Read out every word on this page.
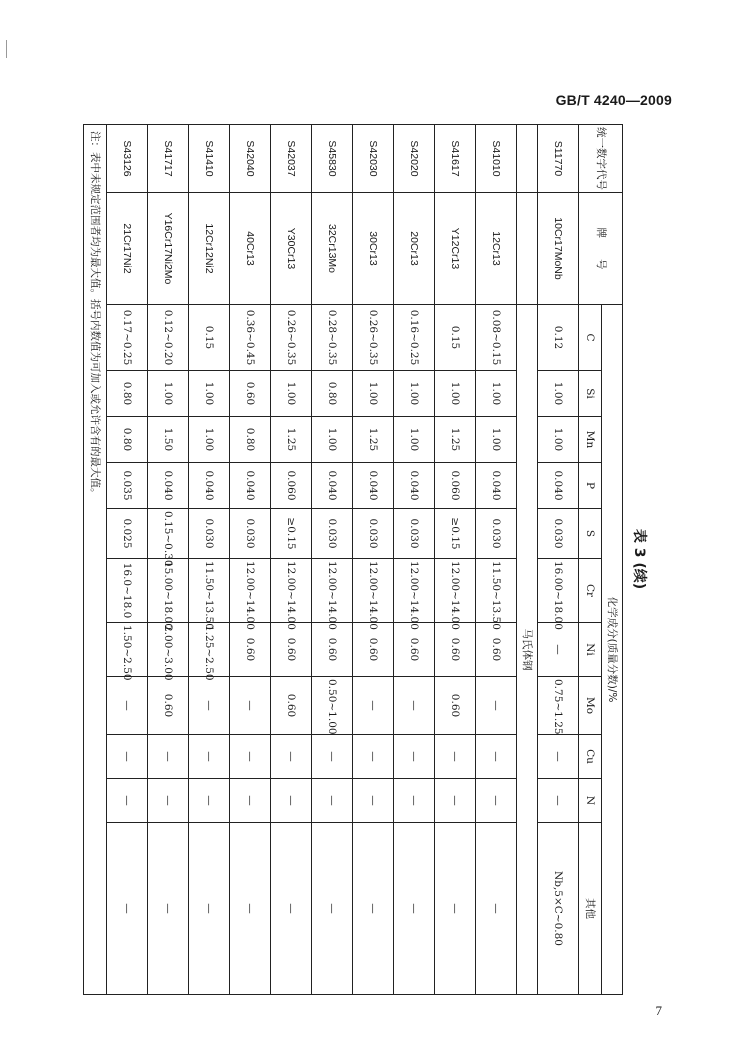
GB/T 4240—2009
表 3 (续)
统一数字代号	牌　　号	化学成分(质量分数)/%										
		C	Si	Mn	P	S	Cr	Ni	Mo	Cu	N	其他
S11770	10Cr17MoNb	0.12	1.00	1.00	0.040	0.030	16.00~18.00	—	0.75~1.25	—	—	Nb,5×C~0.80
		马氏体钢										
S41010	12Cr13	0.08~0.15	1.00	1.00	0.040	0.030	11.50~13.50	0.60	—	—	—	—
S41617	Y12Cr13	0.15	1.00	1.25	0.060	≥0.15	12.00~14.00	0.60	0.60	—	—	—
S42020	20Cr13	0.16~0.25	1.00	1.00	0.040	0.030	12.00~14.00	0.60	—	—	—	—
S42030	30Cr13	0.26~0.35	1.00	1.25	0.040	0.030	12.00~14.00	0.60	—	—	—	—
S45830	32Cr13Mo	0.28~0.35	0.80	1.00	0.040	0.030	12.00~14.00	0.60	0.50~1.00	—	—	—
S42037	Y30Cr13	0.26~0.35	1.00	1.25	0.060	≥0.15	12.00~14.00	0.60	0.60	—	—	—
S42040	40Cr13	0.36~0.45	0.60	0.80	0.040	0.030	12.00~14.00	0.60	—	—	—	—
S41410	12Cr12Ni2	0.15	1.00	1.00	0.040	0.030	11.50~13.50	1.25~2.50	—	—	—	—
S41717	Y16Cr17Ni2Mo	0.12~0.20	1.00	1.50	0.040	0.15~0.30	15.00~18.00	2.00~3.00	0.60	—	—	—
S43126	21Cr17Ni2	0.17~0.25	0.80	0.80	0.035	0.025	16.0~18.0	1.50~2.50	—	—	—	—
注：表中未规定范围者均为最大值。括号内数值为可加入或允许含有的最大值。												
7
